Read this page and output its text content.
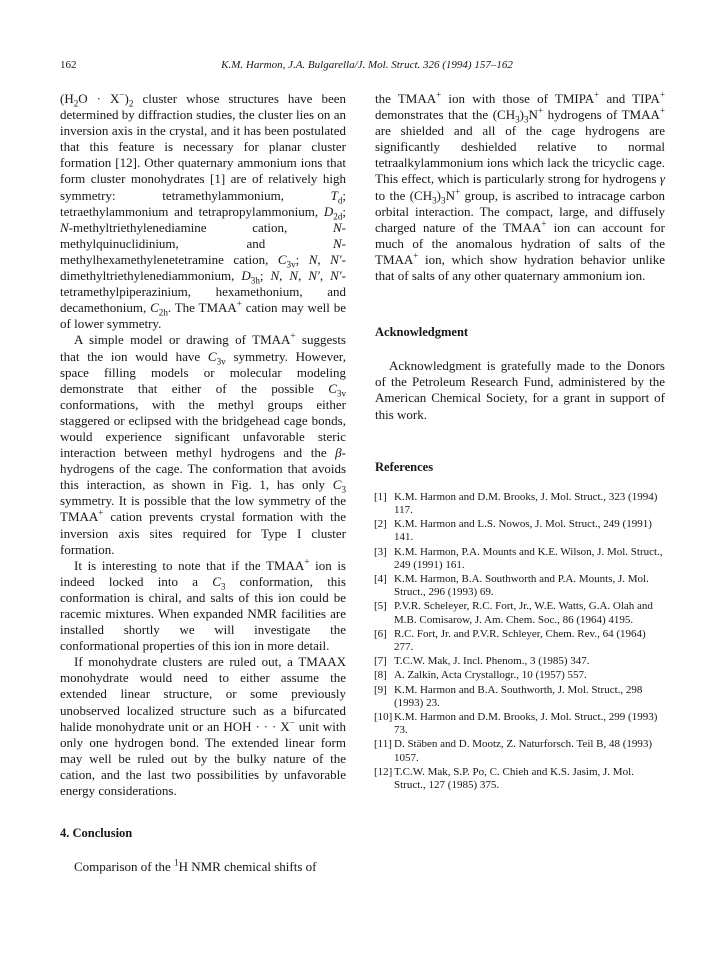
162	K.M. Harmon, J.A. Bulgarella/J. Mol. Struct. 326 (1994) 157–162

$(H_2O \cdot X^-)_2$ cluster whose structures have been determined by diffraction studies, the cluster lies on an inversion axis in the crystal, and it has been postulated that this feature is necessary for planar cluster formation [12]. Other quaternary ammonium ions that form cluster monohydrates [1] are of relatively high symmetry: tetramethylammonium, $T_d$; tetraethylammonium and tetrapropylammonium, $D_{2d}$; N-methyltriethylenediamine cation, N-methylquinuclidinium, and N-methylhexamethylenetetramine cation, $C_{3v}$; N, N′-dimethyltriethylenediammonium, $D_{3h}$; N, N, N′, N′-tetramethylpiperazinium, hexamethonium, and decamethonium, $C_{2h}$. The TMAA+ cation may well be of lower symmetry.

A simple model or drawing of TMAA+ suggests that the ion would have $C_{3v}$ symmetry. However, space filling models or molecular modeling demonstrate that either of the possible $C_{3v}$ conformations, with the methyl groups either staggered or eclipsed with the bridgehead cage bonds, would experience significant unfavorable steric interaction between methyl hydrogens and the β-hydrogens of the cage. The conformation that avoids this interaction, as shown in Fig. 1, has only $C_3$ symmetry. It is possible that the low symmetry of the TMAA+ cation prevents crystal formation with the inversion axis sites required for Type I cluster formation.

It is interesting to note that if the TMAA+ ion is indeed locked into a $C_3$ conformation, this conformation is chiral, and salts of this ion could be racemic mixtures. When expanded NMR facilities are installed shortly we will investigate the conformational properties of this ion in more detail.

If monohydrate clusters are ruled out, a TMAAX monohydrate would need to either assume the extended linear structure, or some previously unobserved localized structure such as a bifurcated halide monohydrate unit or an HOH · · · X− unit with only one hydrogen bond. The extended linear form may well be ruled out by the bulky nature of the cation, and the last two possibilities by unfavorable energy considerations.

4. Conclusion

Comparison of the $^1$H NMR chemical shifts of

the TMAA+ ion with those of TMIPA+ and TIPA+ demonstrates that the $(CH_3)_3N^+$ hydrogens of TMAA+ are shielded and all of the cage hydrogens are significantly deshielded relative to normal tetraalkylammonium ions which lack the tricyclic cage. This effect, which is particularly strong for hydrogens γ to the $(CH_3)_3N^+$ group, is ascribed to intracage carbon orbital interaction. The compact, large, and diffusely charged nature of the TMAA+ ion can account for much of the anomalous hydration of salts of the TMAA+ ion, which show hydration behavior unlike that of salts of any other quaternary ammonium ion.

Acknowledgment

Acknowledgment is gratefully made to the Donors of the Petroleum Research Fund, administered by the American Chemical Society, for a grant in support of this work.

References
[1] K.M. Harmon and D.M. Brooks, J. Mol. Struct., 323 (1994) 117.
[2] K.M. Harmon and L.S. Nowos, J. Mol. Struct., 249 (1991) 141.
[3] K.M. Harmon, P.A. Mounts and K.E. Wilson, J. Mol. Struct., 249 (1991) 161.
[4] K.M. Harmon, B.A. Southworth and P.A. Mounts, J. Mol. Struct., 296 (1993) 69.
[5] P.V.R. Scheleyer, R.C. Fort, Jr., W.E. Watts, G.A. Olah and M.B. Comisarow, J. Am. Chem. Soc., 86 (1964) 4195.
[6] R.C. Fort, Jr. and P.V.R. Schleyer, Chem. Rev., 64 (1964) 277.
[7] T.C.W. Mak, J. Incl. Phenom., 3 (1985) 347.
[8] A. Zalkin, Acta Crystallogr., 10 (1957) 557.
[9] K.M. Harmon and B.A. Southworth, J. Mol. Struct., 298 (1993) 23.
[10] K.M. Harmon and D.M. Brooks, J. Mol. Struct., 299 (1993) 73.
[11] D. Stäben and D. Mootz, Z. Naturforsch. Teil B, 48 (1993) 1057.
[12] T.C.W. Mak, S.P. Po, C. Chieh and K.S. Jasim, J. Mol. Struct., 127 (1985) 375.
